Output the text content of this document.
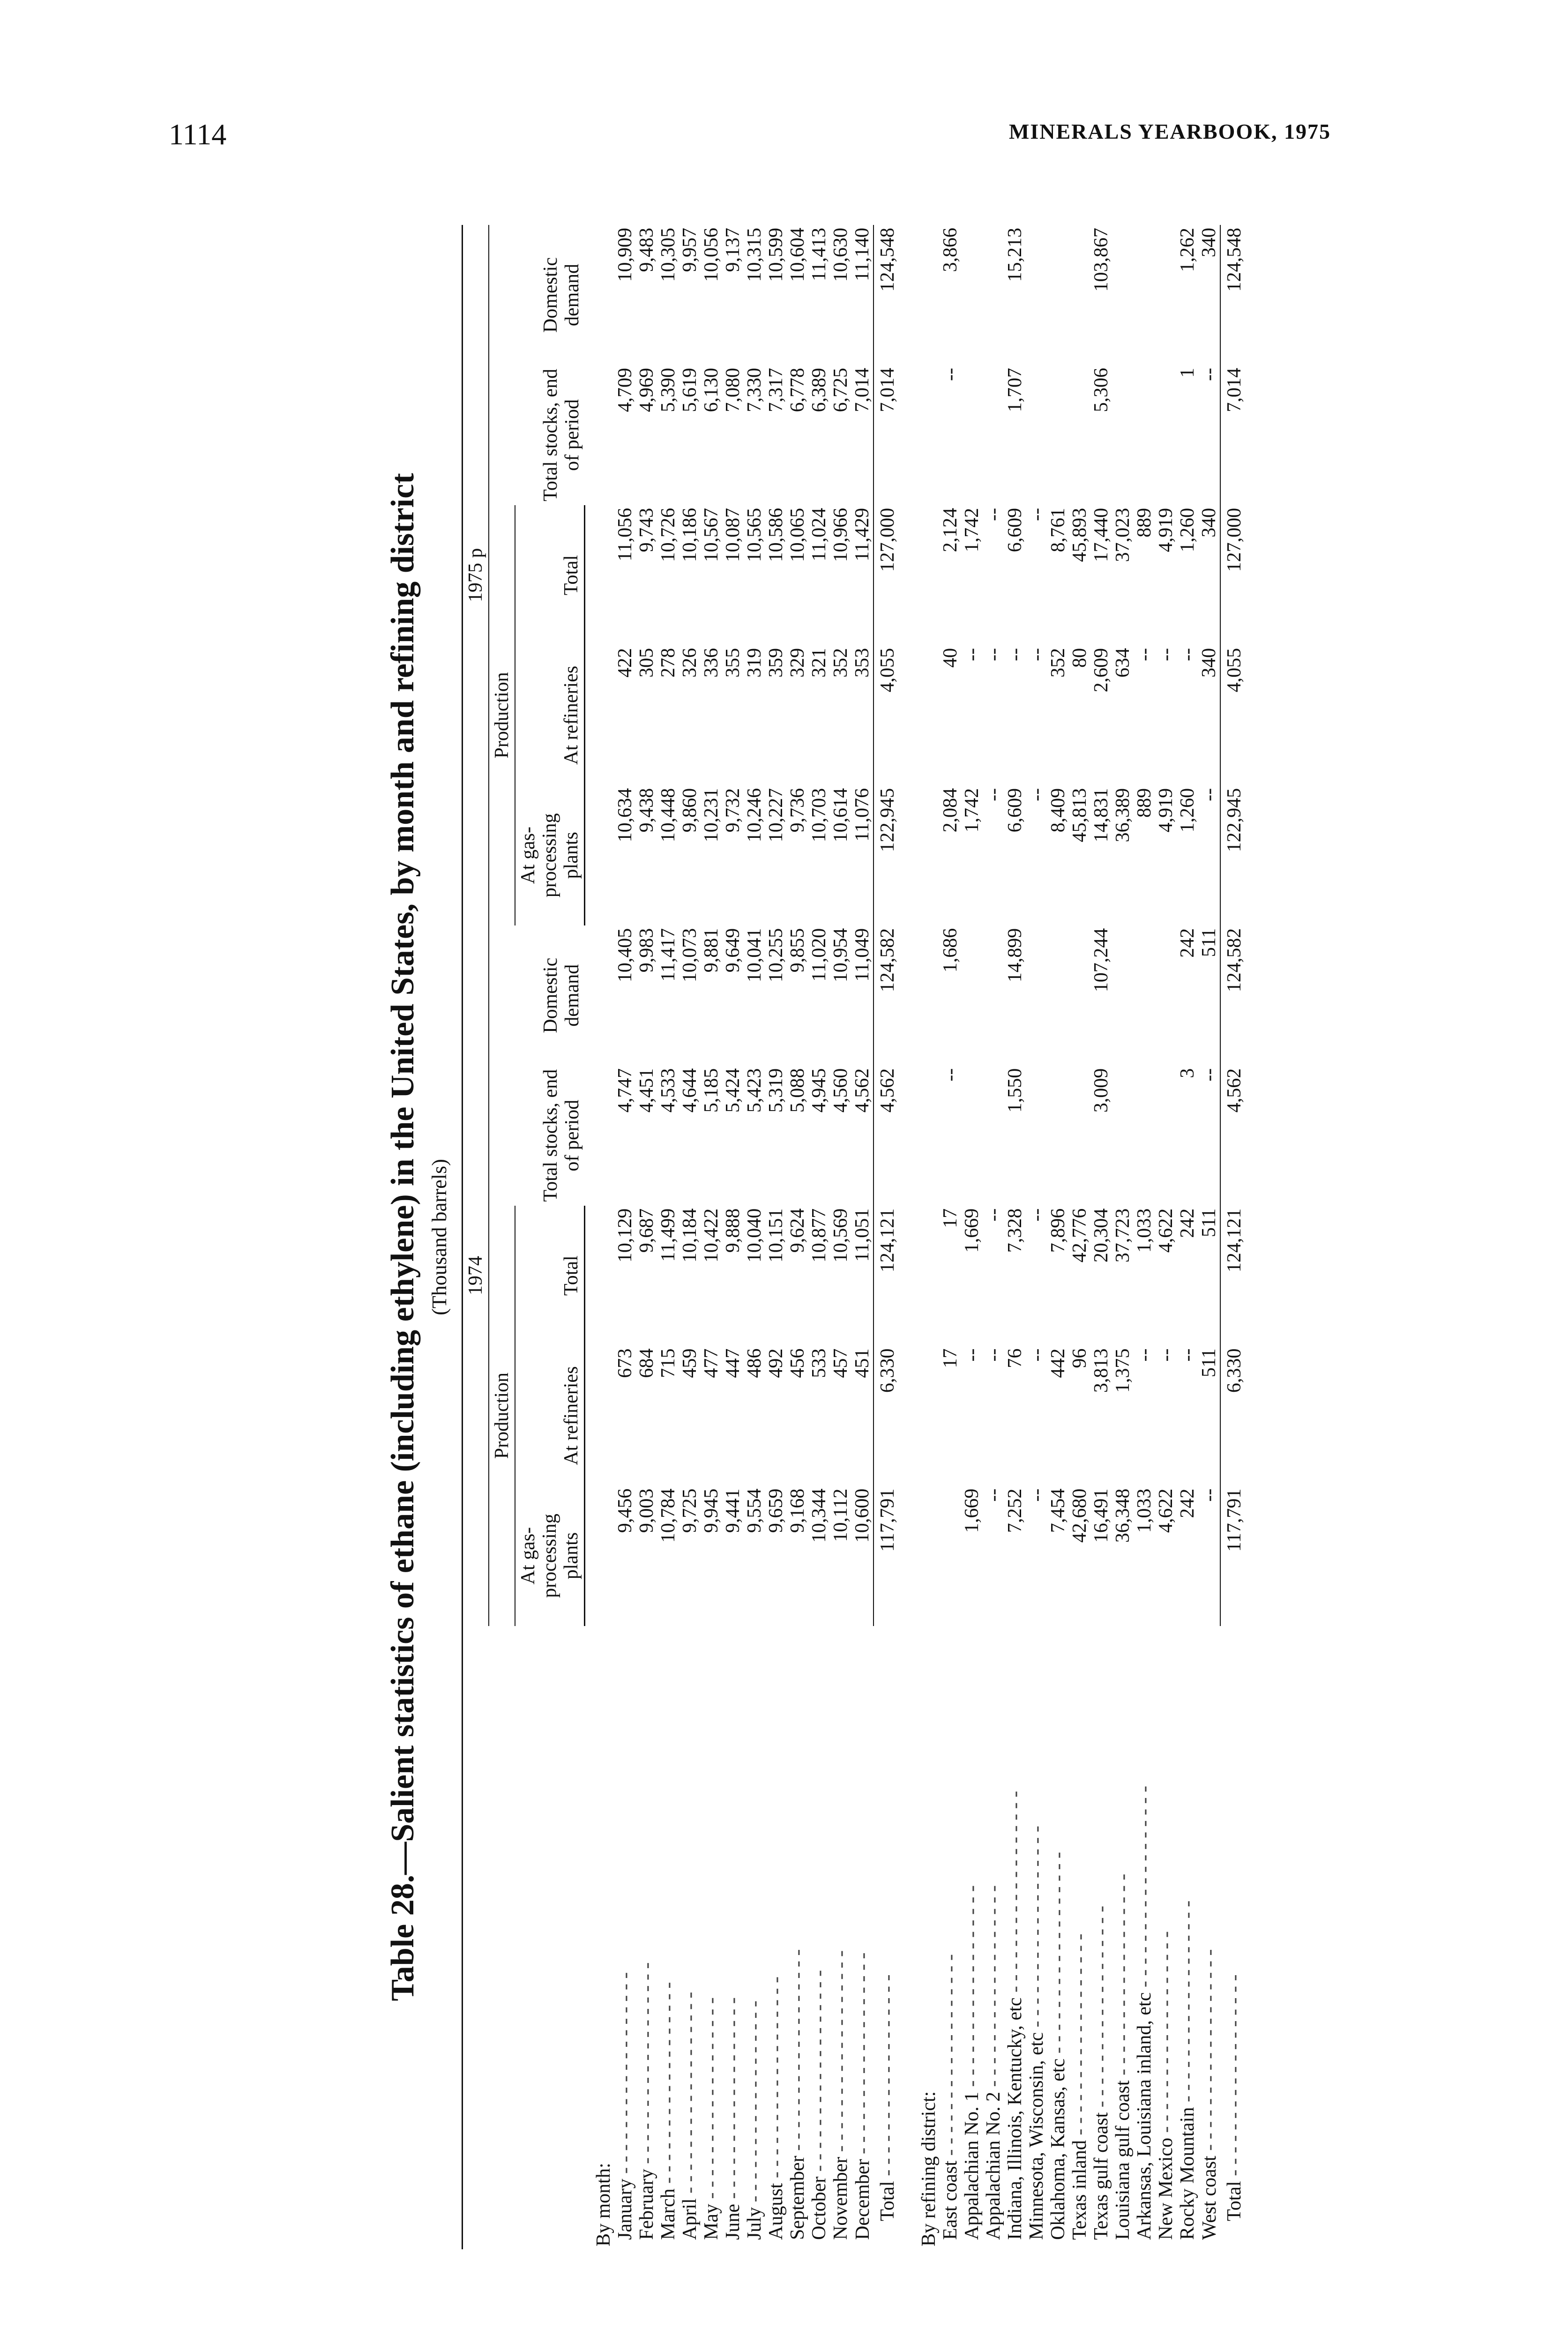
1114	MINERALS YEARBOOK, 1975
Table 28.—Salient statistics of ethane (including ethylene) in the United States, by month and refining district (Thousand barrels)
	1974					1975 p				
	Production			Total stocks, end of period	Domestic demand	Production			Total stocks, end of period	Domestic demand
	At gas-processing plants	At refineries	Total			At gas-processing plants	At refineries	Total		
By month:										
January - - - - - - - - - - - - - - - - - -	9,456	673	10,129	4,747	10,405	10,634	422	11,056	4,709	10,909
February - - - - - - - - - - - - - - - - - -	9,003	684	9,687	4,451	9,983	9,438	305	9,743	4,969	9,483
March - - - - - - - - - - - - - - - - - -	10,784	715	11,499	4,533	11,417	10,448	278	10,726	5,390	10,305
April - - - - - - - - - - - - - - - - - -	9,725	459	10,184	4,644	10,073	9,860	326	10,186	5,619	9,957
May - - - - - - - - - - - - - - - - - -	9,945	477	10,422	5,185	9,881	10,231	336	10,567	6,130	10,056
June - - - - - - - - - - - - - - - - - -	9,441	447	9,888	5,424	9,649	9,732	355	10,087	7,080	9,137
July - - - - - - - - - - - - - - - - - -	9,554	486	10,040	5,423	10,041	10,246	319	10,565	7,330	10,315
August - - - - - - - - - - - - - - - - - -	9,659	492	10,151	5,319	10,255	10,227	359	10,586	7,317	10,599
September - - - - - - - - - - - - - - - - - -	9,168	456	9,624	5,088	9,855	9,736	329	10,065	6,778	10,604
October - - - - - - - - - - - - - - - - - -	10,344	533	10,877	4,945	11,020	10,703	321	11,024	6,389	11,413
November - - - - - - - - - - - - - - - - - -	10,112	457	10,569	4,560	10,954	10,614	352	10,966	6,725	10,630
December - - - - - - - - - - - - - - - - - -	10,600	451	11,051	4,562	11,049	11,076	353	11,429	7,014	11,140
Total - - - - - - - - - - - - - - - - - -	117,791	6,330	124,121	4,562	124,582	122,945	4,055	127,000	7,014	124,548

By refining district:										
East coast - - - - - - - - - - - - - - - - - -		17	17	--	1,686	2,084	40	2,124	--	3,866
Appalachian No. 1 - - - - - - - - - - - - - - - - - -	1,669	--	1,669			1,742	--	1,742		
Appalachian No. 2 - - - - - - - - - - - - - - - - - -	--	--	--			--	--	--		
Indiana, Illinois, Kentucky, etc - - - - - - - - - - - - - - - - - -	7,252	76	7,328	1,550	14,899	6,609	--	6,609	1,707	15,213
Minnesota, Wisconsin, etc - - - - - - - - - - - - - - - - - -	--	--	--			--	--	--		
Oklahoma, Kansas, etc - - - - - - - - - - - - - - - - - -	7,454	442	7,896			8,409	352	8,761		
Texas inland - - - - - - - - - - - - - - - - - -	42,680	96	42,776			45,813	80	45,893		
Texas gulf coast - - - - - - - - - - - - - - - - - -	16,491	3,813	20,304	3,009	107,244	14,831	2,609	17,440	5,306	103,867
Louisiana gulf coast - - - - - - - - - - - - - - - - - -	36,348	1,375	37,723			36,389	634	37,023		
Arkansas, Louisiana inland, etc - - - - - - - - - - - - - - - - - -	1,033	--	1,033			889	--	889		
New Mexico - - - - - - - - - - - - - - - - - -	4,622	--	4,622			4,919	--	4,919		
Rocky Mountain - - - - - - - - - - - - - - - - - -	242	--	242	3	242	1,260	--	1,260	1	1,262
West coast - - - - - - - - - - - - - - - - - -	--	511	511	--	511	--	340	340	--	340
Total - - - - - - - - - - - - - - - - - -	117,791	6,330	124,121	4,562	124,582	122,945	4,055	127,000	7,014	124,548
